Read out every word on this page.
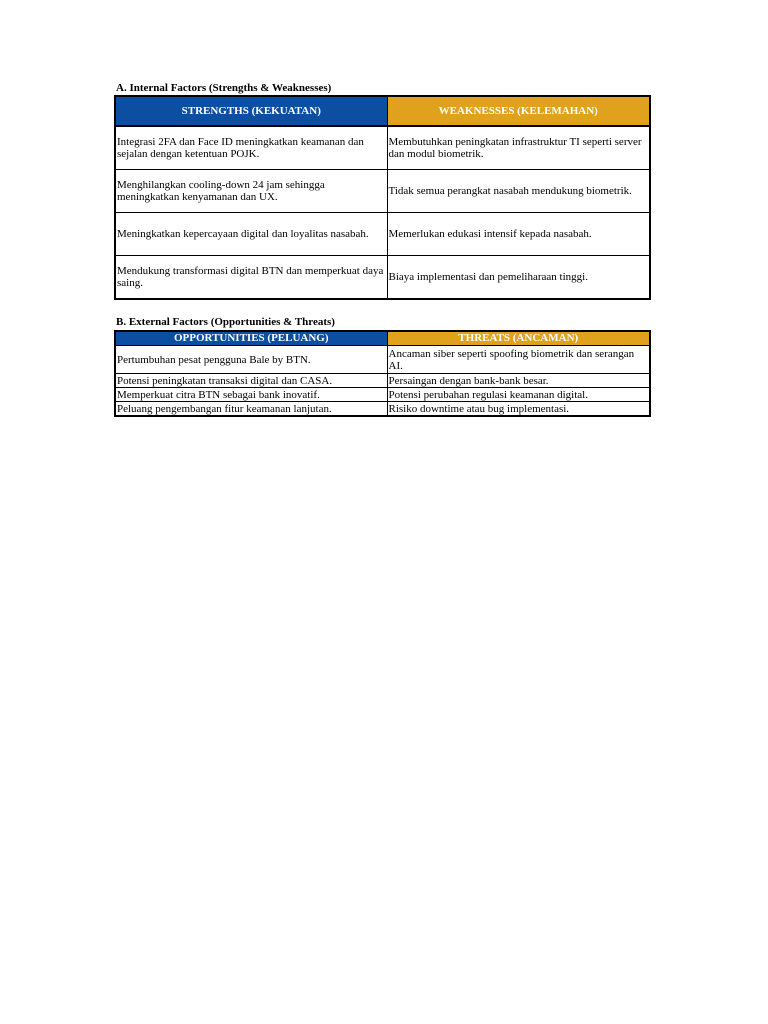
A. Internal Factors (Strengths & Weaknesses)
STRENGTHS (KEKUATAN)	WEAKNESSES (KELEMAHAN)
Integrasi 2FA dan Face ID meningkatkan keamanan dan sejalan dengan ketentuan POJK.	Membutuhkan peningkatan infrastruktur TI seperti server dan modul biometrik.
Menghilangkan cooling-down 24 jam sehingga meningkatkan kenyamanan dan UX.	Tidak semua perangkat nasabah mendukung biometrik.
Meningkatkan kepercayaan digital dan loyalitas nasabah.	Memerlukan edukasi intensif kepada nasabah.
Mendukung transformasi digital BTN dan memperkuat daya saing.	Biaya implementasi dan pemeliharaan tinggi.
B. External Factors (Opportunities & Threats)
OPPORTUNITIES (PELUANG)	THREATS (ANCAMAN)
Pertumbuhan pesat pengguna Bale by BTN.	Ancaman siber seperti spoofing biometrik dan serangan AI.
Potensi peningkatan transaksi digital dan CASA.	Persaingan dengan bank-bank besar.
Memperkuat citra BTN sebagai bank inovatif.	Potensi perubahan regulasi keamanan digital.
Peluang pengembangan fitur keamanan lanjutan.	Risiko downtime atau bug implementasi.
